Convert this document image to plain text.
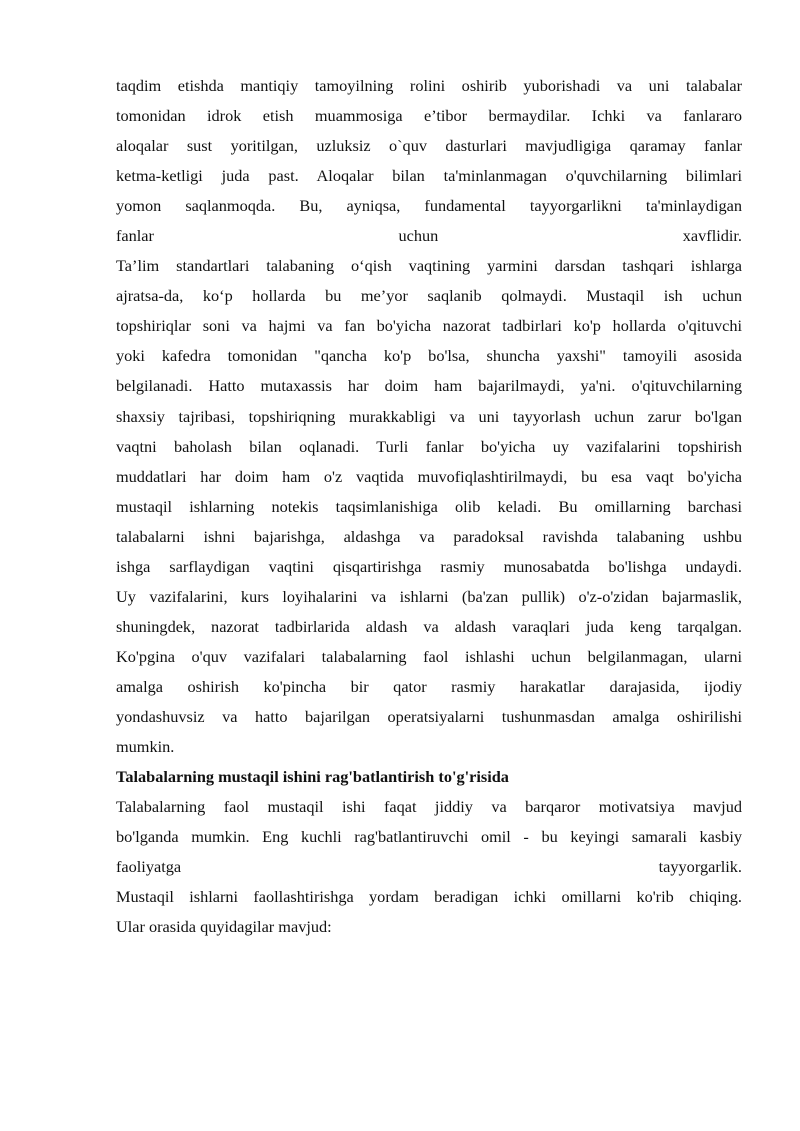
taqdim etishda mantiqiy tamoyilning rolini oshirib yuborishadi va uni talabalar
tomonidan idrok etish muammosiga e’tibor bermaydilar. Ichki va fanlararo
aloqalar sust yoritilgan, uzluksiz o`quv dasturlari mavjudligiga qaramay fanlar
ketma-ketligi juda past. Aloqalar bilan ta'minlanmagan o'quvchilarning bilimlari
yomon saqlanmoqda. Bu, ayniqsa, fundamental tayyorgarlikni ta'minlaydigan
fanlar uchun xavflidir.
Ta’lim standartlari talabaning o‘qish vaqtining yarmini darsdan tashqari ishlarga
ajratsa-da, ko‘p hollarda bu me’yor saqlanib qolmaydi. Mustaqil ish uchun
topshiriqlar soni va hajmi va fan bo'yicha nazorat tadbirlari ko'p hollarda o'qituvchi
yoki kafedra tomonidan "qancha ko'p bo'lsa, shuncha yaxshi" tamoyili asosida
belgilanadi. Hatto mutaxassis har doim ham bajarilmaydi, ya'ni. o'qituvchilarning
shaxsiy tajribasi, topshiriqning murakkabligi va uni tayyorlash uchun zarur bo'lgan
vaqtni baholash bilan oqlanadi. Turli fanlar bo'yicha uy vazifalarini topshirish
muddatlari har doim ham o'z vaqtida muvofiqlashtirilmaydi, bu esa vaqt bo'yicha
mustaqil ishlarning notekis taqsimlanishiga olib keladi. Bu omillarning barchasi
talabalarni ishni bajarishga, aldashga va paradoksal ravishda talabaning ushbu
ishga sarflaydigan vaqtini qisqartirishga rasmiy munosabatda bo'lishga undaydi.
Uy vazifalarini, kurs loyihalarini va ishlarni (ba'zan pullik) o'z-o'zidan bajarmaslik,
shuningdek, nazorat tadbirlarida aldash va aldash varaqlari juda keng tarqalgan.
Ko'pgina o'quv vazifalari talabalarning faol ishlashi uchun belgilanmagan, ularni
amalga oshirish ko'pincha bir qator rasmiy harakatlar darajasida, ijodiy
yondashuvsiz va hatto bajarilgan operatsiyalarni tushunmasdan amalga oshirilishi
mumkin.
Talabalarning mustaqil ishini rag'batlantirish to'g'risida
Talabalarning faol mustaqil ishi faqat jiddiy va barqaror motivatsiya mavjud
bo'lganda mumkin. Eng kuchli rag'batlantiruvchi omil - bu keyingi samarali kasbiy
faoliyatga tayyorgarlik.
Mustaqil ishlarni faollashtirishga yordam beradigan ichki omillarni ko'rib chiqing.
Ular orasida quyidagilar mavjud:
